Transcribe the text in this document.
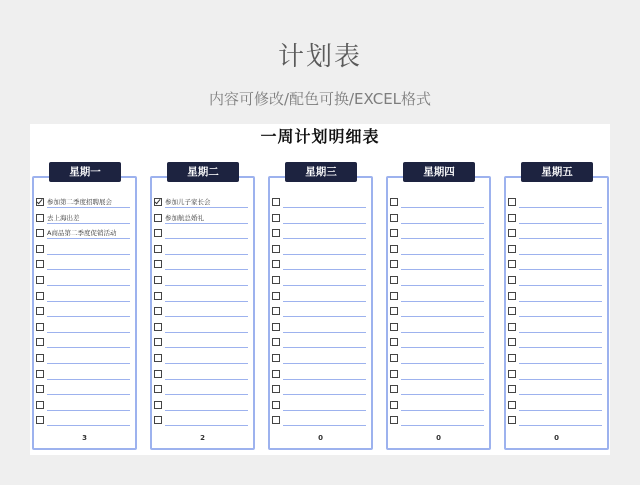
计划表
内容可修改/配色可换/EXCEL格式
一周计划明细表
星期一
参加第二季度招聘展会
去上海出差
A商品第二季度促销活动
3
星期二
参加儿子家长会
参加航总婚礼
2
星期三
0
星期四
0
星期五
0
